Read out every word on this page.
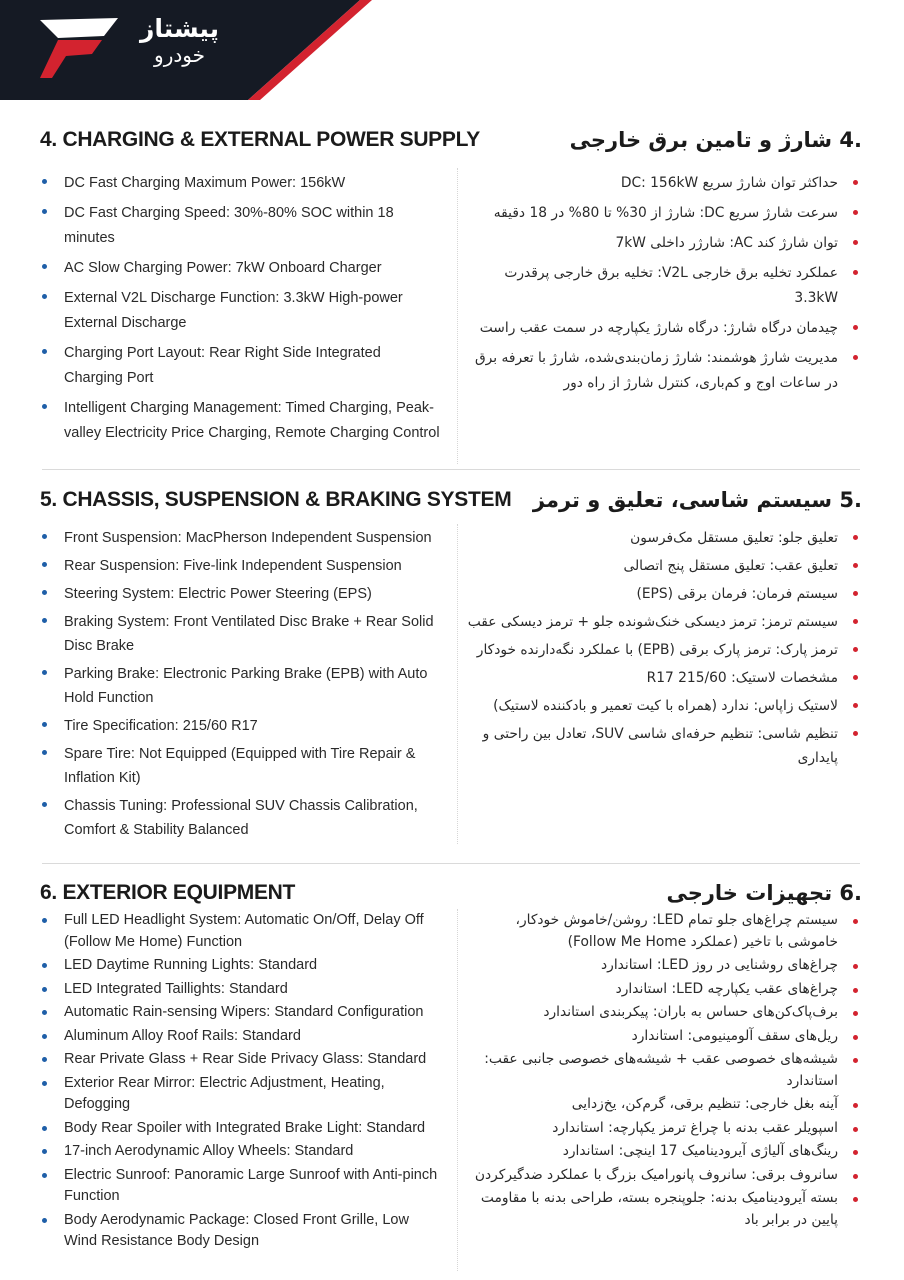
پیشتاز
خودرو
4. CHARGING & EXTERNAL POWER SUPPLY
DC Fast Charging Maximum Power: 156kW
DC Fast Charging Speed: 30%-80% SOC within 18 minutes
AC Slow Charging Power: 7kW Onboard Charger
External V2L Discharge Function: 3.3kW High-power External Discharge
Charging Port Layout: Rear Right Side Integrated Charging Port
Intelligent Charging Management: Timed Charging, Peak-valley Electricity Price Charging, Remote Charging Control
.4 شارژ و تامین برق خارجی
حداکثر توان شارژ سریع DC: 156kW
سرعت شارژ سریع DC: شارژ از 30% تا 80% در 18 دقیقه
توان شارژ کند AC: شارژر داخلی 7kW
عملکرد تخلیه برق خارجی V2L: تخلیه برق خارجی پرقدرت 3.3kW
چیدمان درگاه شارژ: درگاه شارژ یکپارچه در سمت عقب راست
مدیریت شارژ هوشمند: شارژ زمان‌بندی‌شده، شارژ با تعرفه برق در ساعات اوج و کم‌باری، کنترل شارژ از راه دور
5. CHASSIS, SUSPENSION & BRAKING SYSTEM
Front Suspension: MacPherson Independent Suspension
Rear Suspension: Five-link Independent Suspension
Steering System: Electric Power Steering (EPS)
Braking System: Front Ventilated Disc Brake + Rear Solid Disc Brake
Parking Brake: Electronic Parking Brake (EPB) with Auto Hold Function
Tire Specification: 215/60 R17
Spare Tire: Not Equipped (Equipped with Tire Repair & Inflation Kit)
Chassis Tuning: Professional SUV Chassis Calibration, Comfort & Stability Balanced
.5 سیستم شاسی، تعلیق و ترمز
تعلیق جلو: تعلیق مستقل مک‌فرسون
تعلیق عقب: تعلیق مستقل پنج اتصالی
سیستم فرمان: فرمان برقی (EPS)
سیستم ترمز: ترمز دیسکی خنک‌شونده جلو + ترمز دیسکی عقب
ترمز پارک: ترمز پارک برقی (EPB) با عملکرد نگه‌دارنده خودکار
مشخصات لاستیک: 215/60 R17
لاستیک زاپاس: ندارد (همراه با کیت تعمیر و بادکننده لاستیک)
تنظیم شاسی: تنظیم حرفه‌ای شاسی SUV، تعادل بین راحتی و پایداری
6. EXTERIOR EQUIPMENT
Full LED Headlight System: Automatic On/Off, Delay Off (Follow Me Home) Function
LED Daytime Running Lights: Standard
LED Integrated Taillights: Standard
Automatic Rain-sensing Wipers: Standard Configuration
Aluminum Alloy Roof Rails: Standard
Rear Private Glass + Rear Side Privacy Glass: Standard
Exterior Rear Mirror: Electric Adjustment, Heating, Defogging
Body Rear Spoiler with Integrated Brake Light: Standard
17-inch Aerodynamic Alloy Wheels: Standard
Electric Sunroof: Panoramic Large Sunroof with Anti-pinch Function
Body Aerodynamic Package: Closed Front Grille, Low Wind Resistance Body Design
.6 تجهیزات خارجی
سیستم چراغ‌های جلو تمام LED: روشن/خاموش خودکار، خاموشی با تاخیر (عملکرد Follow Me Home)
چراغ‌های روشنایی در روز LED: استاندارد
چراغ‌های عقب یکپارچه LED: استاندارد
برف‌پاک‌کن‌های حساس به باران: پیکربندی استاندارد
ریل‌های سقف آلومینیومی: استاندارد
شیشه‌های خصوصی عقب + شیشه‌های خصوصی جانبی عقب: استاندارد
آینه بغل خارجی: تنظیم برقی، گرم‌کن، یخ‌زدایی
اسپویلر عقب بدنه با چراغ ترمز یکپارچه: استاندارد
رینگ‌های آلیاژی آیرودینامیک 17 اینچی: استاندارد
سانروف برقی: سانروف پانورامیک بزرگ با عملکرد ضدگیرکردن
بسته آیرودینامیک بدنه: جلوپنجره بسته، طراحی بدنه با مقاومت پایین در برابر باد
